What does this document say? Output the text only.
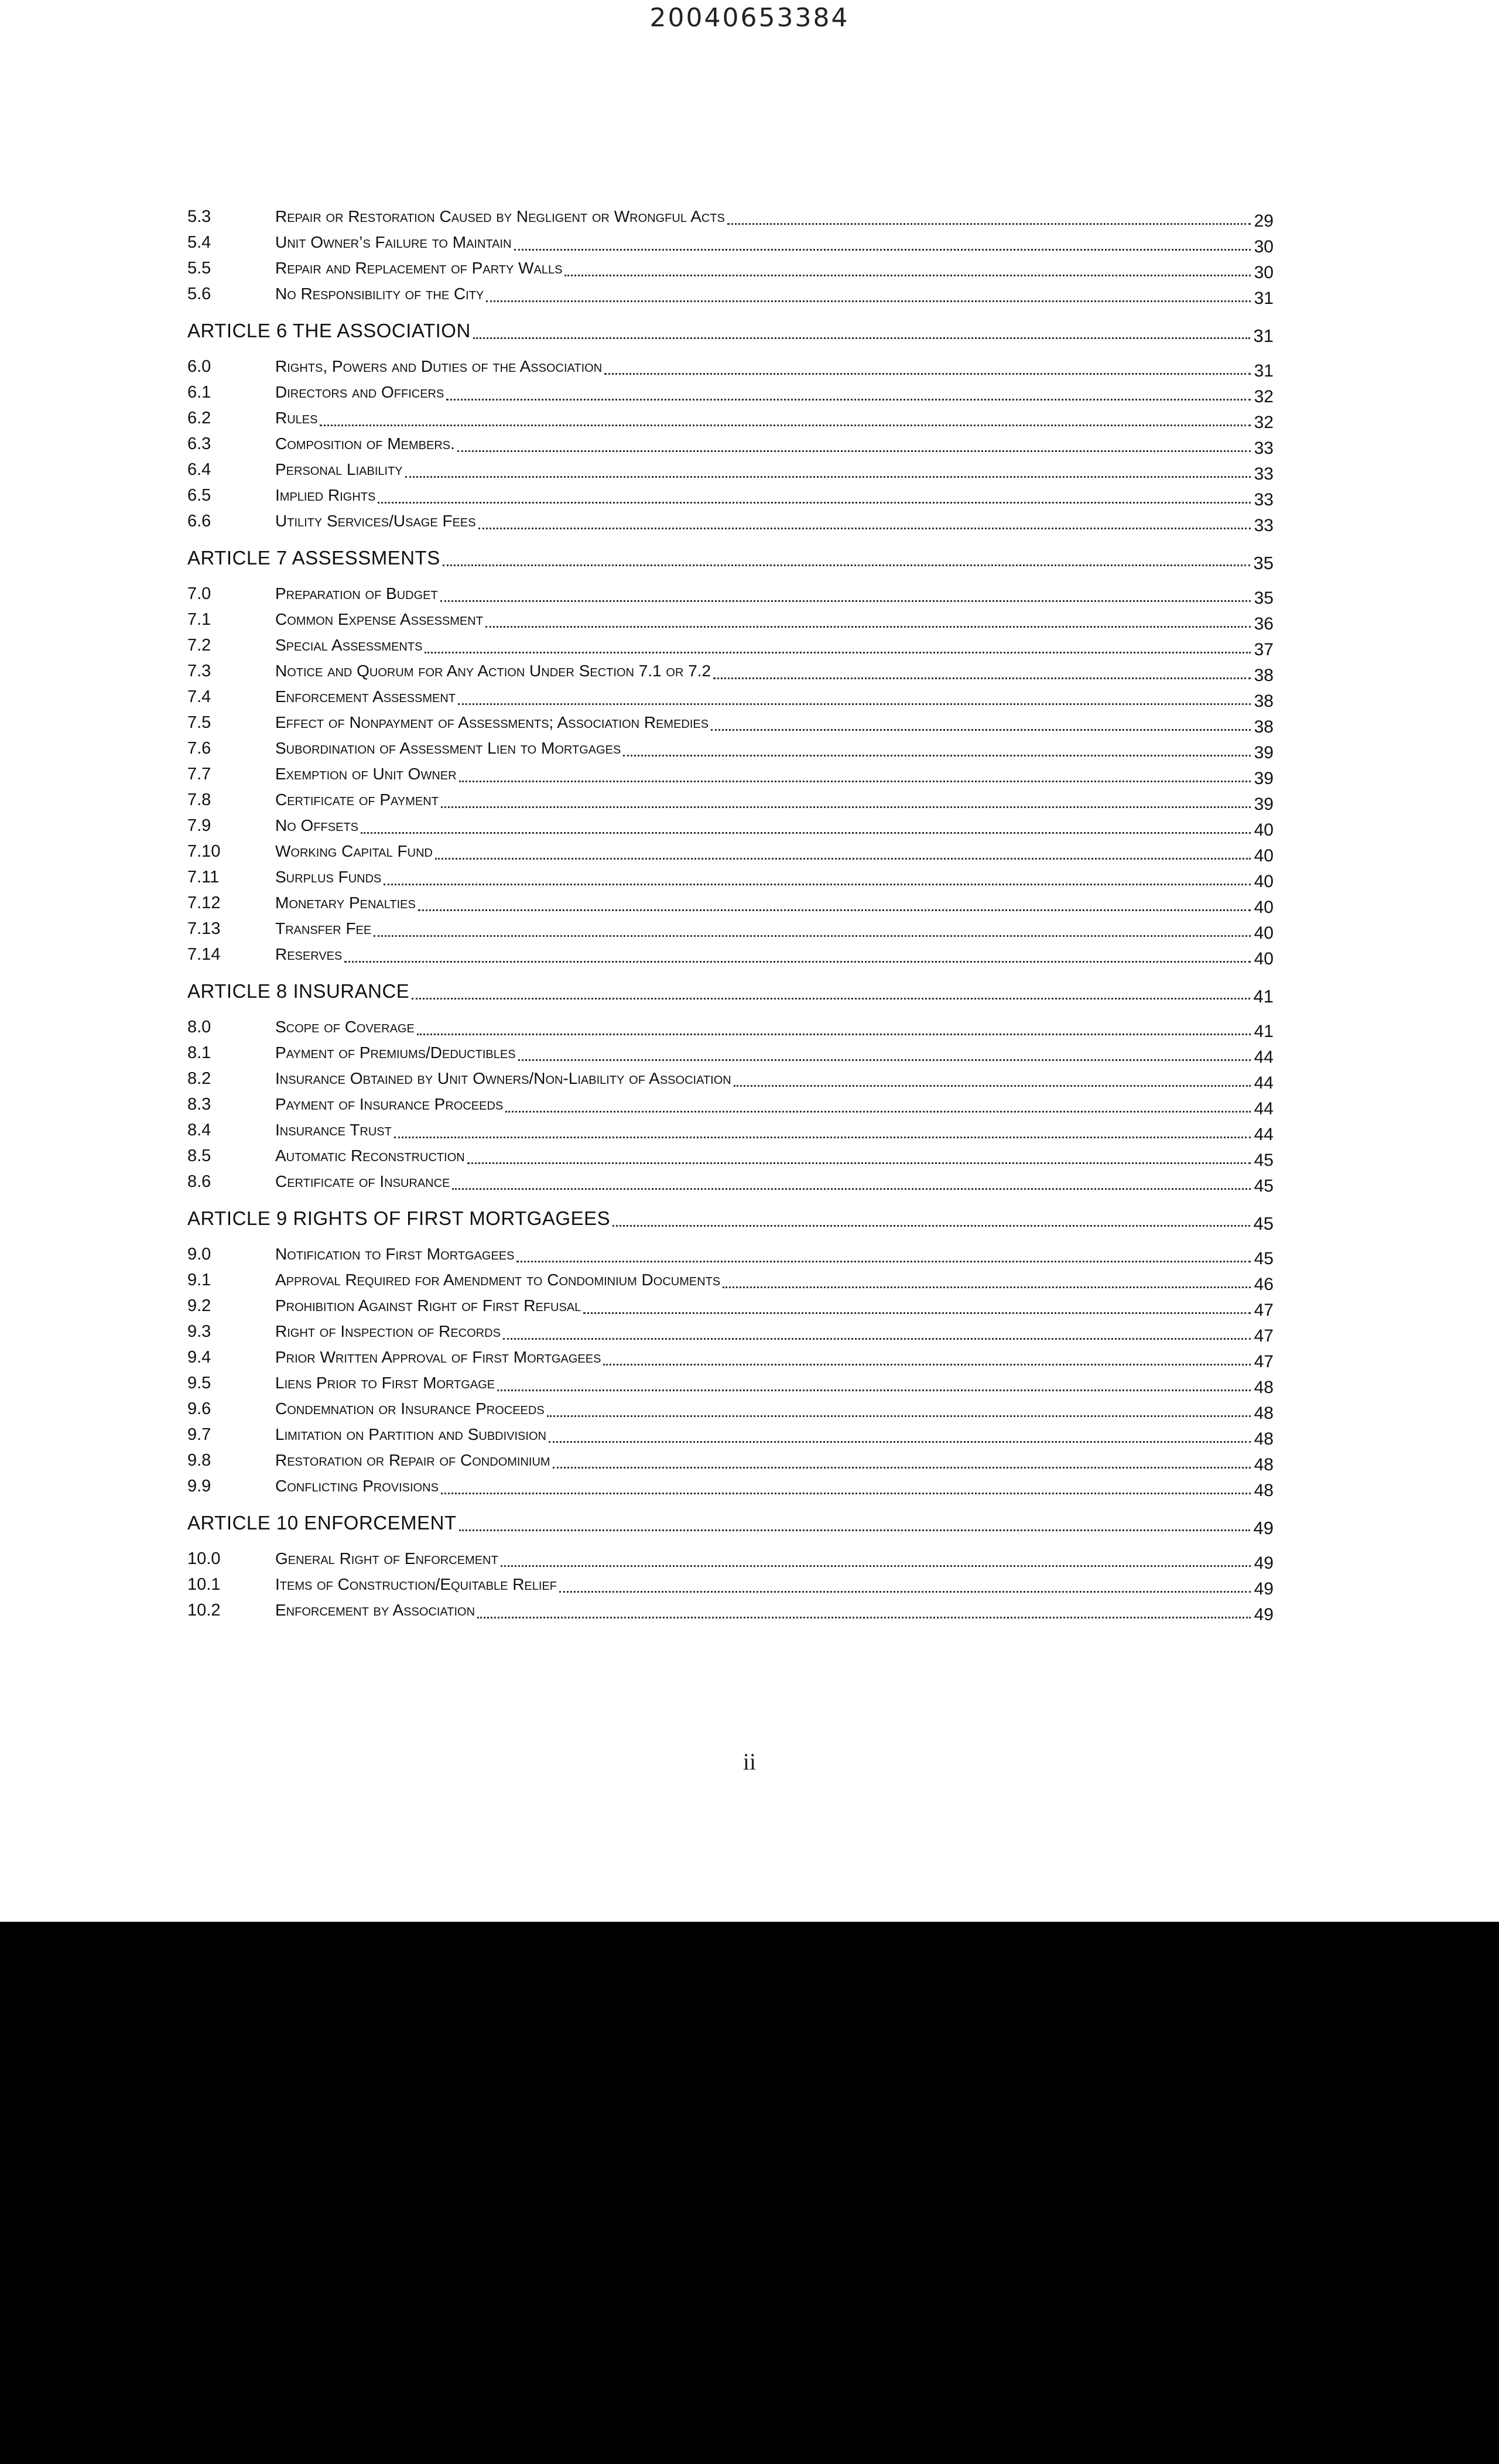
20040653384
5.3	Repair or Restoration Caused by Negligent or Wrongful Acts	29
5.4	Unit Owner’s Failure to Maintain	30
5.5	Repair and Replacement of Party Walls	30
5.6	No Responsibility of the City	31
ARTICLE 6 THE ASSOCIATION	31
6.0	Rights, Powers and Duties of the Association	31
6.1	Directors and Officers	32
6.2	Rules	32
6.3	Composition of Members.	33
6.4	Personal Liability	33
6.5	Implied Rights	33
6.6	Utility Services/Usage Fees	33
ARTICLE 7 ASSESSMENTS	35
7.0	Preparation of Budget	35
7.1	Common Expense Assessment	36
7.2	Special Assessments	37
7.3	Notice and Quorum for Any Action Under Section 7.1 or 7.2	38
7.4	Enforcement Assessment	38
7.5	Effect of Nonpayment of Assessments; Association Remedies	38
7.6	Subordination of Assessment Lien to Mortgages	39
7.7	Exemption of Unit Owner	39
7.8	Certificate of Payment	39
7.9	No Offsets	40
7.10	Working Capital Fund	40
7.11	Surplus Funds	40
7.12	Monetary Penalties	40
7.13	Transfer Fee	40
7.14	Reserves	40
ARTICLE 8 INSURANCE	41
8.0	Scope of Coverage	41
8.1	Payment of Premiums/Deductibles	44
8.2	Insurance Obtained by Unit Owners/Non-Liability of Association	44
8.3	Payment of Insurance Proceeds	44
8.4	Insurance Trust	44
8.5	Automatic Reconstruction	45
8.6	Certificate of Insurance	45
ARTICLE 9 RIGHTS OF FIRST MORTGAGEES	45
9.0	Notification to First Mortgagees	45
9.1	Approval Required for Amendment to Condominium Documents	46
9.2	Prohibition Against Right of First Refusal	47
9.3	Right of Inspection of Records	47
9.4	Prior Written Approval of First Mortgagees	47
9.5	Liens Prior to First Mortgage	48
9.6	Condemnation or Insurance Proceeds	48
9.7	Limitation on Partition and Subdivision	48
9.8	Restoration or Repair of Condominium	48
9.9	Conflicting Provisions	48
ARTICLE 10 ENFORCEMENT	49
10.0	General Right of Enforcement	49
10.1	Items of Construction/Equitable Relief	49
10.2	Enforcement by Association	49
ii
